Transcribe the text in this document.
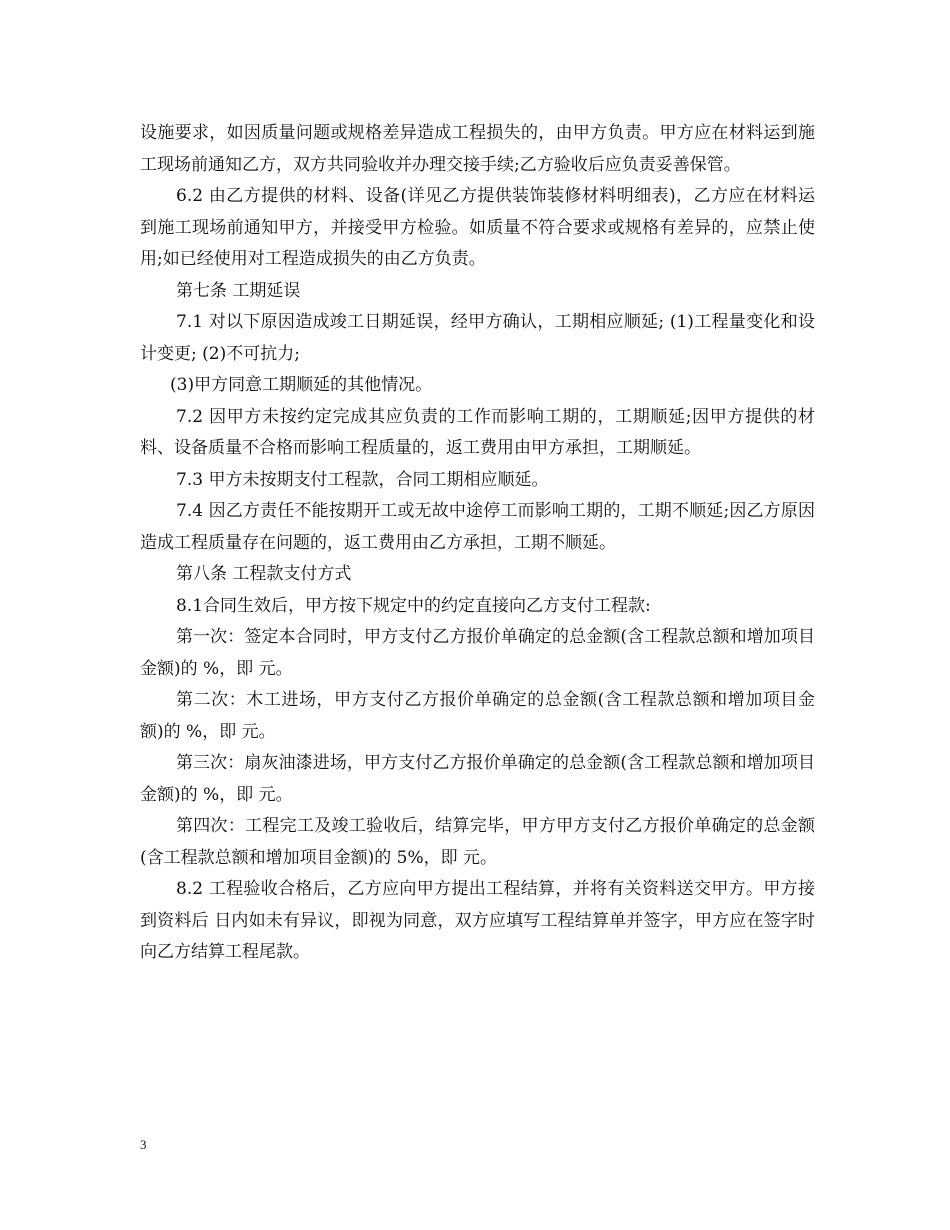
设施要求，如因质量问题或规格差异造成工程损失的，由甲方负责。甲方应在材料运到施工现场前通知乙方，双方共同验收并办理交接手续;乙方验收后应负责妥善保管。

6.2 由乙方提供的材料、设备(详见乙方提供装饰装修材料明细表)，乙方应在材料运到施工现场前通知甲方，并接受甲方检验。如质量不符合要求或规格有差异的，应禁止使用;如已经使用对工程造成损失的由乙方负责。

第七条 工期延误

7.1 对以下原因造成竣工日期延误，经甲方确认，工期相应顺延; (1)工程量变化和设计变更; (2)不可抗力;

(3)甲方同意工期顺延的其他情况。

7.2 因甲方未按约定完成其应负责的工作而影响工期的，工期顺延;因甲方提供的材料、设备质量不合格而影响工程质量的，返工费用由甲方承担，工期顺延。

7.3 甲方未按期支付工程款，合同工期相应顺延。

7.4 因乙方责任不能按期开工或无故中途停工而影响工期的，工期不顺延;因乙方原因造成工程质量存在问题的，返工费用由乙方承担，工期不顺延。

第八条 工程款支付方式

8.1合同生效后，甲方按下规定中的约定直接向乙方支付工程款:

第一次：签定本合同时，甲方支付乙方报价单确定的总金额(含工程款总额和增加项目金额)的 %，即 元。

第二次：木工进场，甲方支付乙方报价单确定的总金额(含工程款总额和增加项目金额)的 %，即 元。

第三次：扇灰油漆进场，甲方支付乙方报价单确定的总金额(含工程款总额和增加项目金额)的 %，即 元。

第四次：工程完工及竣工验收后，结算完毕，甲方甲方支付乙方报价单确定的总金额(含工程款总额和增加项目金额)的 5%，即 元。

8.2 工程验收合格后，乙方应向甲方提出工程结算，并将有关资料送交甲方。甲方接到资料后 日内如未有异议，即视为同意，双方应填写工程结算单并签字，甲方应在签字时向乙方结算工程尾款。

3
